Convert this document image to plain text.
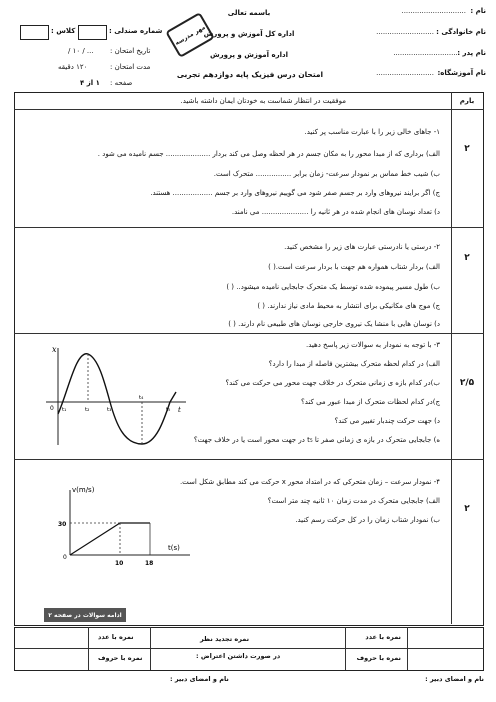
نام :
.............................
نام خانوادگی :
..........................
نام پدر :
..............................
نام آموزشگاه:
..........................
مهر مدرسه
باسمه تعالی
اداره کل آموزش و پرورش
اداره آموزش و پرورش
امتحان درس فیزیک پایه دوازدهم تجربی
کلاس :	شماره صندلی :
تاریخ امتحان :
/ ۱۰ / ...
مدت امتحان :
۱۲۰ دقیقه
صفحه :
۱ از ۴
بارم
موفقیت در انتظار شماست به خودتان ایمان داشته باشید.
۲
۱- جاهای خالی زیر را با عبارت مناسب پر کنید.
الف) برداری که از مبدا محور را به مکان جسم در هر لحظه وصل می کند بردار .................... جسم نامیده می شود .
ب) شیب خط مماس بر نمودار سرعت- زمان برابر ................ متحرک است.
ج) اگر برایند نیروهای وارد بر جسم صفر شود می گوییم نیروهای وارد بر جسم .................. هستند.
د) تعداد نوسان های انجام شده در هر ثانیه را ..................... می نامند.
۲
۲- درستی یا نادرستی عبارت های زیر را مشخص کنید.
الف) بردار شتاب همواره هم جهت با بردار سرعت است.( )
ب) طول مسیر پیموده شده توسط یک متحرک جابجایی نامیده میشود.. ( )
ج) موج های مکانیکی برای انتشار به محیط مادی نیاز ندارند. ( )
د) نوسان هایی با منشا یک نیروی خارجی نوسان های طبیعی نام دارند. ( )
۲/۵
۳- با توجه به نمودار به سوالات زیر پاسخ دهید.
الف) در کدام لحظه متحرک بیشترین فاصله از مبدا را دارد؟
ب)در کدام بازه ی زمانی متحرک در خلاف جهت محور می حرکت می کند؟
ج)در کدام لحظات متحرک از مبدا عبور می کند؟
د) جهت حرکت چندبار تغییر می کند؟
ه) جابجایی متحرک در بازه ی زمانی صفر تا t₅ در جهت محور است یا در خلاف جهت؟
x
t
0 t₁	t₂	t₃
t₄
t₅
۲
۴- نمودار سرعت – زمان متحرکی که در امتداد محور x حرکت می کند مطابق شکل است.
الف) جابجایی متحرک در مدت زمان ۱۰ ثانیه چند متر است؟
ب) نمودار شتاب زمان را در کل حرکت رسم کنید.
v(m/s)
t(s)
30
0
10	18
ادامه سوالات در صفحه ۲
نمره با عدد
نمره با حروف
نمره تجدید نظر
در صورت داشتن اعتراض :
نمره با عدد
نمره با حروف
نام و امضای دبیر :
نام و امضای دبیر :
